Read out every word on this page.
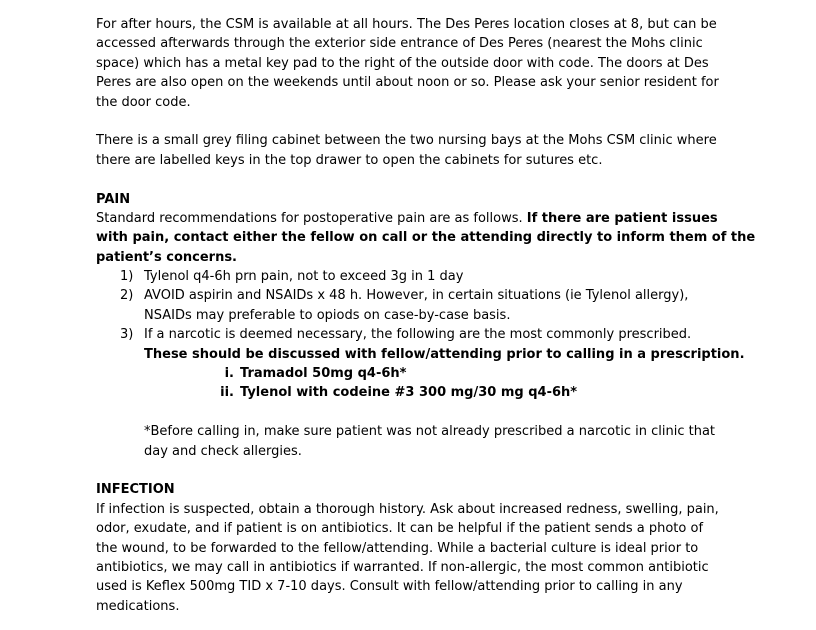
For after hours, the CSM is available at all hours. The Des Peres location closes at 8, but can be
accessed afterwards through the exterior side entrance of Des Peres (nearest the Mohs clinic
space) which has a metal key pad to the right of the outside door with code. The doors at Des
Peres are also open on the weekends until about noon or so. Please ask your senior resident for
the door code.
There is a small grey filing cabinet between the two nursing bays at the Mohs CSM clinic where
there are labelled keys in the top drawer to open the cabinets for sutures etc.
PAIN
Standard recommendations for postoperative pain are as follows. If there are patient issues
with pain, contact either the fellow on call or the attending directly to inform them of the
patient’s concerns.
1) Tylenol q4-6h prn pain, not to exceed 3g in 1 day
2) AVOID aspirin and NSAIDs x 48 h. However, in certain situations (ie Tylenol allergy),
NSAIDs may preferable to opiods on case-by-case basis.
3) If a narcotic is deemed necessary, the following are the most commonly prescribed.
These should be discussed with fellow/attending prior to calling in a prescription.
i. Tramadol 50mg q4-6h*
ii. Tylenol with codeine #3 300 mg/30 mg q4-6h*
*Before calling in, make sure patient was not already prescribed a narcotic in clinic that
day and check allergies.
INFECTION
If infection is suspected, obtain a thorough history. Ask about increased redness, swelling, pain,
odor, exudate, and if patient is on antibiotics. It can be helpful if the patient sends a photo of
the wound, to be forwarded to the fellow/attending. While a bacterial culture is ideal prior to
antibiotics, we may call in antibiotics if warranted. If non-allergic, the most common antibiotic
used is Keflex 500mg TID x 7-10 days. Consult with fellow/attending prior to calling in any
medications.
